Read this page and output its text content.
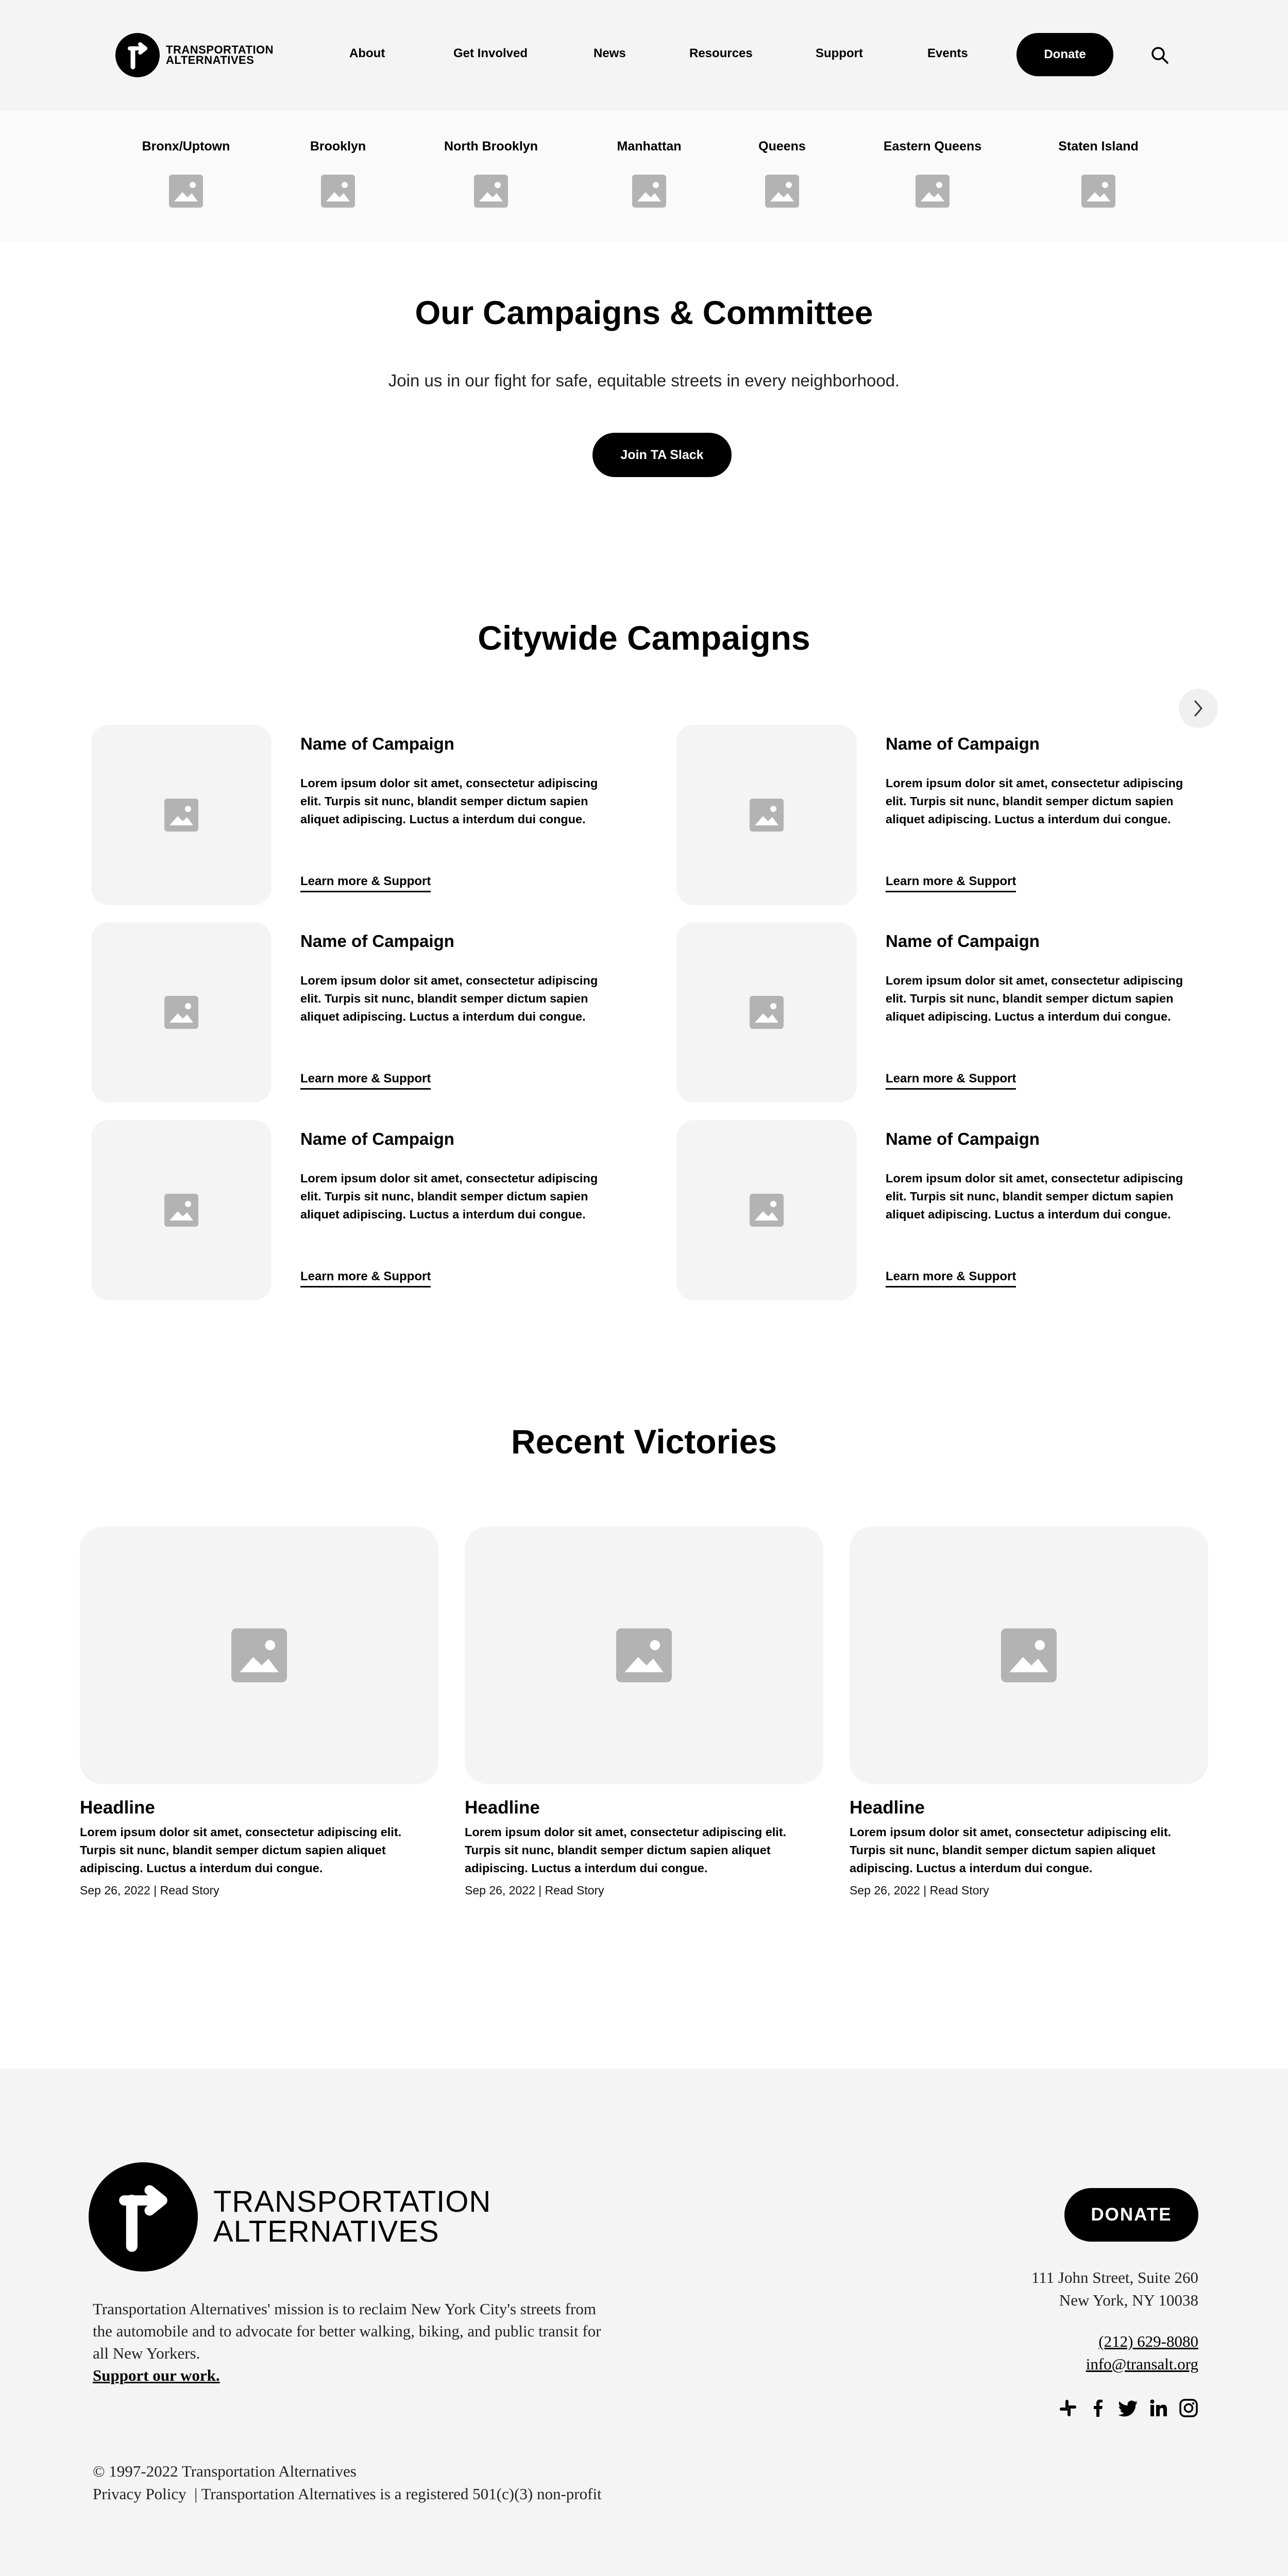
TRANSPORTATION
ALTERNATIVES	About	Get Involved	News	Resources	Support	Events	Donate
Bronx/Uptown	Brooklyn	North Brooklyn	Manhattan	Queens	Eastern Queens	Staten Island
Our Campaigns & Committee

Join us in our fight for safe, equitable streets in every neighborhood.

Join TA Slack
Citywide Campaigns
Name of Campaign
Lorem ipsum dolor sit amet, consectetur adipiscing elit. Turpis sit nunc, blandit semper dictum sapien aliquet adipiscing. Luctus a interdum dui congue.
Learn more & Support
Name of Campaign
Lorem ipsum dolor sit amet, consectetur adipiscing elit. Turpis sit nunc, blandit semper dictum sapien aliquet adipiscing. Luctus a interdum dui congue.
Learn more & Support
Name of Campaign
Lorem ipsum dolor sit amet, consectetur adipiscing elit. Turpis sit nunc, blandit semper dictum sapien aliquet adipiscing. Luctus a interdum dui congue.
Learn more & Support
Name of Campaign
Lorem ipsum dolor sit amet, consectetur adipiscing elit. Turpis sit nunc, blandit semper dictum sapien aliquet adipiscing. Luctus a interdum dui congue.
Learn more & Support
Name of Campaign
Lorem ipsum dolor sit amet, consectetur adipiscing elit. Turpis sit nunc, blandit semper dictum sapien aliquet adipiscing. Luctus a interdum dui congue.
Learn more & Support
Name of Campaign
Lorem ipsum dolor sit amet, consectetur adipiscing elit. Turpis sit nunc, blandit semper dictum sapien aliquet adipiscing. Luctus a interdum dui congue.
Learn more & Support
Recent Victories
Headline
Lorem ipsum dolor sit amet, consectetur adipiscing elit. Turpis sit nunc, blandit semper dictum sapien aliquet adipiscing. Luctus a interdum dui congue.
Sep 26, 2022 | Read Story
Headline
Lorem ipsum dolor sit amet, consectetur adipiscing elit. Turpis sit nunc, blandit semper dictum sapien aliquet adipiscing. Luctus a interdum dui congue.
Sep 26, 2022 | Read Story
Headline
Lorem ipsum dolor sit amet, consectetur adipiscing elit. Turpis sit nunc, blandit semper dictum sapien aliquet adipiscing. Luctus a interdum dui congue.
Sep 26, 2022 | Read Story
TRANSPORTATION
ALTERNATIVES
Transportation Alternatives' mission is to reclaim New York City's streets from the automobile and to advocate for better walking, biking, and public transit for all New Yorkers.
Support our work.
DONATE
111 John Street, Suite 260
New York, NY 10038
(212) 629-8080
info@transalt.org
© 1997-2022 Transportation Alternatives
Privacy Policy | Transportation Alternatives is a registered 501(c)(3) non-profit
